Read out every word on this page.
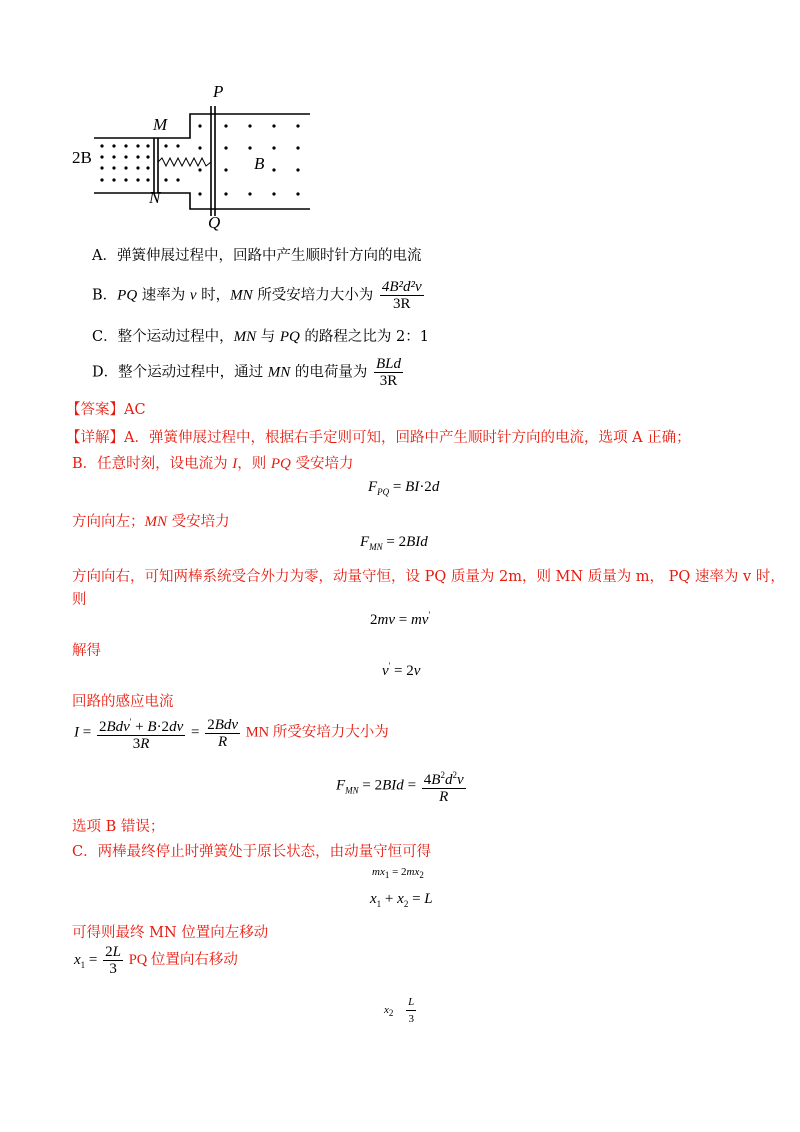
P
M
N
Q
2B	B
A．弹簧伸展过程中，回路中产生顺时针方向的电流
B．PQ 速率为 v 时，MN 所受安培力大小为 $\frac{\text{4B²d²v}}{3R}$
C．整个运动过程中，MN 与 PQ 的路程之比为 2：1
D．整个运动过程中，通过 MN 的电荷量为 $\frac{\text{BLd}}{3R}$
【答案】AC
【详解】A．弹簧伸展过程中，根据右手定则可知，回路中产生顺时针方向的电流，选项 A 正确；
B．任意时刻，设电流为 I，则 PQ 受安培力
$F_{PQ} = BI\cdot 2d$
方向向左；MN 受安培力
$F_{MN} = 2BId$
方向向右，可知两棒系统受合外力为零，动量守恒，设 PQ 质量为 2m，则 MN 质量为 m， PQ 速率为 v 时，
则
2mv = mv'
解得
v' = 2v
回路的感应电流
$I = \frac{2Bdv' + B\cdot 2dv}{3R} = \frac{\text{2Bdv}}{R}$ MN 所受安培力大小为
$F_{MN} = 2BId = \frac{4B^2d^2v}{R}$
选项 B 错误；
C．两棒最终停止时弹簧处于原长状态，由动量守恒可得
$mx_1 = 2mx_2$
$x_1 + x_2 = L$
可得则最终 MN 位置向左移动
$x_1 = \frac{2L}{3}$ PQ 位置向右移动
$x_2 \frac{L}{3}$
